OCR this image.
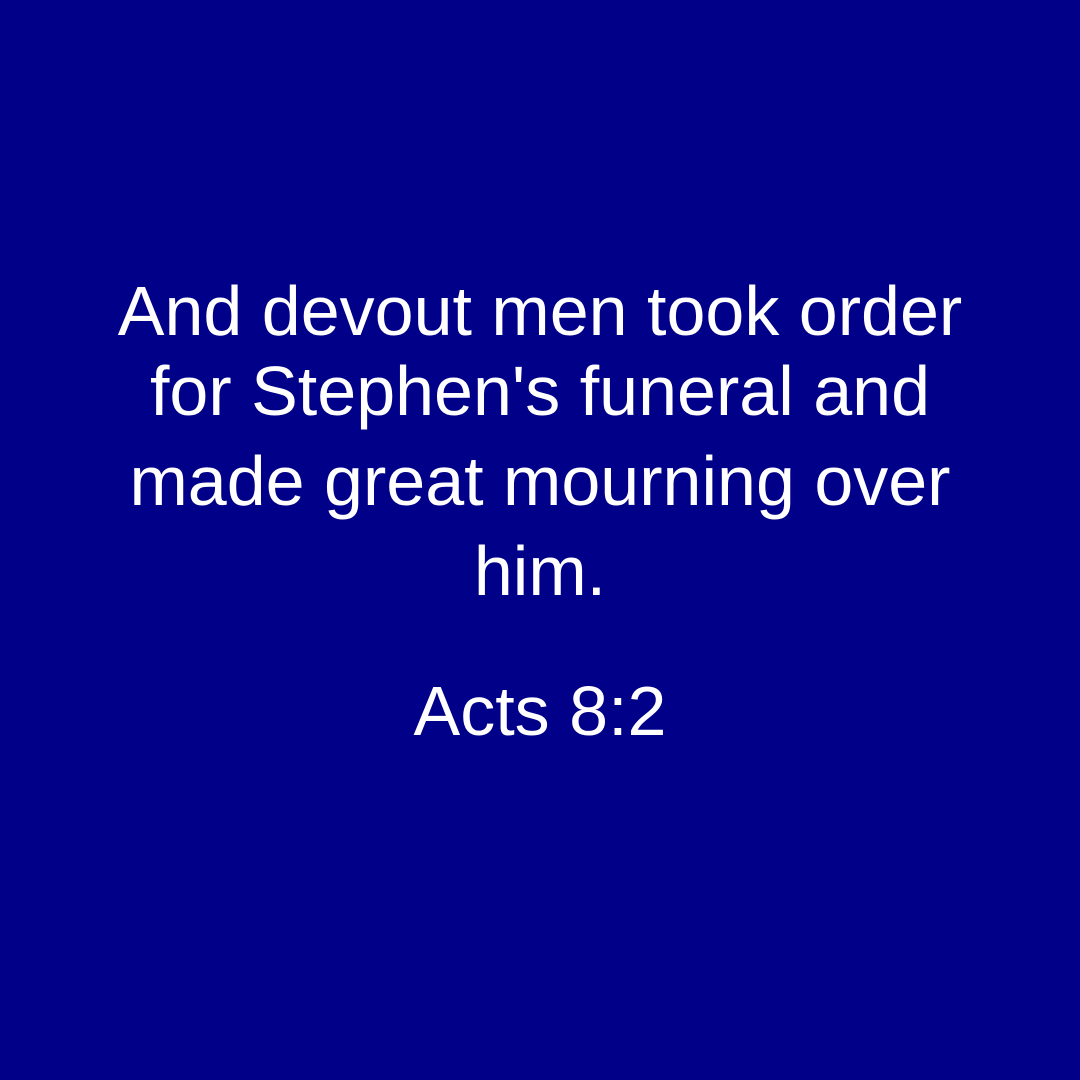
And devout men took order
for Stephen's funeral and
made great mourning over
him.
Acts 8:2
